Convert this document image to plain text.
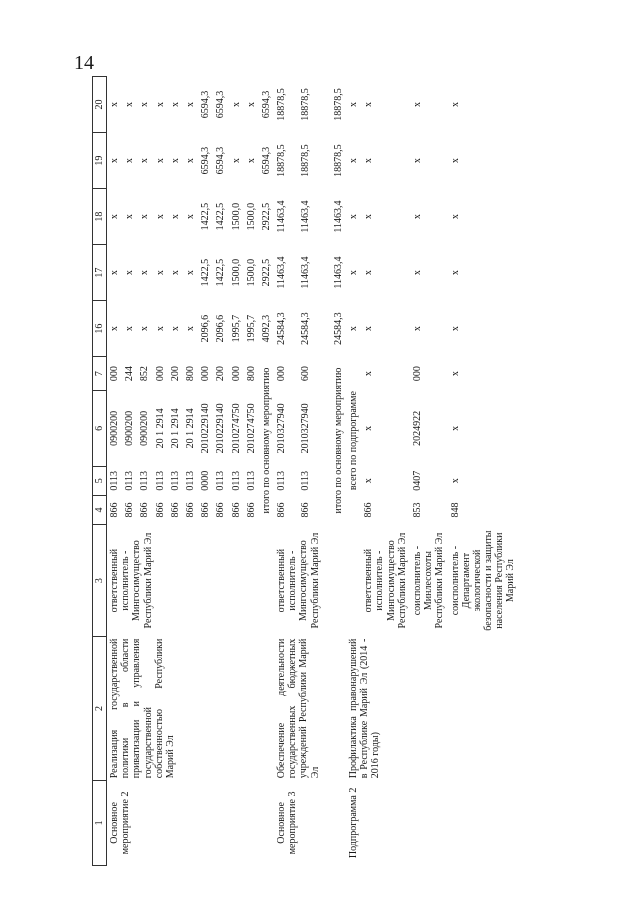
14
1	2	3	4	5	6	7	16	17	18	19	20
Основное мероприятие 2	Реализация государственной политики в области приватизации и управления государственной собственностью Республики Марий Эл	ответственный исполнитель - Мингосимущество Республики Марий Эл	866	0113	0900200	000	x	x	x	x	x
			866	0113	0900200	244	x	x	x	x	x
			866	0113	0900200	852	x	x	x	x	x
			866	0113	20 1 2914	000	x	x	x	x	x
			866	0113	20 1 2914	200	x	x	x	x	x
			866	0113	20 1 2914	800	x	x	x	x	x
			866	0000	2010229140	000	2096,6	1422,5	1422,5	6594,3	6594,3
			866	0113	2010229140	200	2096,6	1422,5	1422,5	6594,3	6594,3
			866	0113	2010274750	000	1995,7	1500,0	1500,0	x	x
			866	0113	2010274750	800	1995,7	1500,0	1500,0	x	x
			итого по основному мероприятию				4092,3	2922,5	2922,5	6594,3	6594,3
Основное мероприятие 3	Обеспечение деятельности государственных бюджетных учреждений Республики Марий Эл	ответственный исполнитель - Мингосимущество Республики Марий Эл	866	0113	2010327940	000	24584,3	11463,4	11463,4	18878,5	18878,5
			866	0113	2010327940	600	24584,3	11463,4	11463,4	18878,5	18878,5

			итого по основному мероприятию				24584,3	11463,4	11463,4	18878,5	18878,5
Подпрограмма 2	Профилактика правонарушений в Республике Марий Эл (2014 - 2016 годы)		всего по подпрограмме				x	x	x	x	x
		ответственный исполнитель - Мингосимущество Республики Марий Эл	866	x	x	x	x	x	x	x	x
		соисполнитель - Минлесохоты Республики Марий Эл	853	0407	2024922	000	x	x	x	x	x
		соисполнитель - Департамент экологической безопасности и защиты населения Республики Марий Эл	848	x	x	x	x	x	x	x	x
